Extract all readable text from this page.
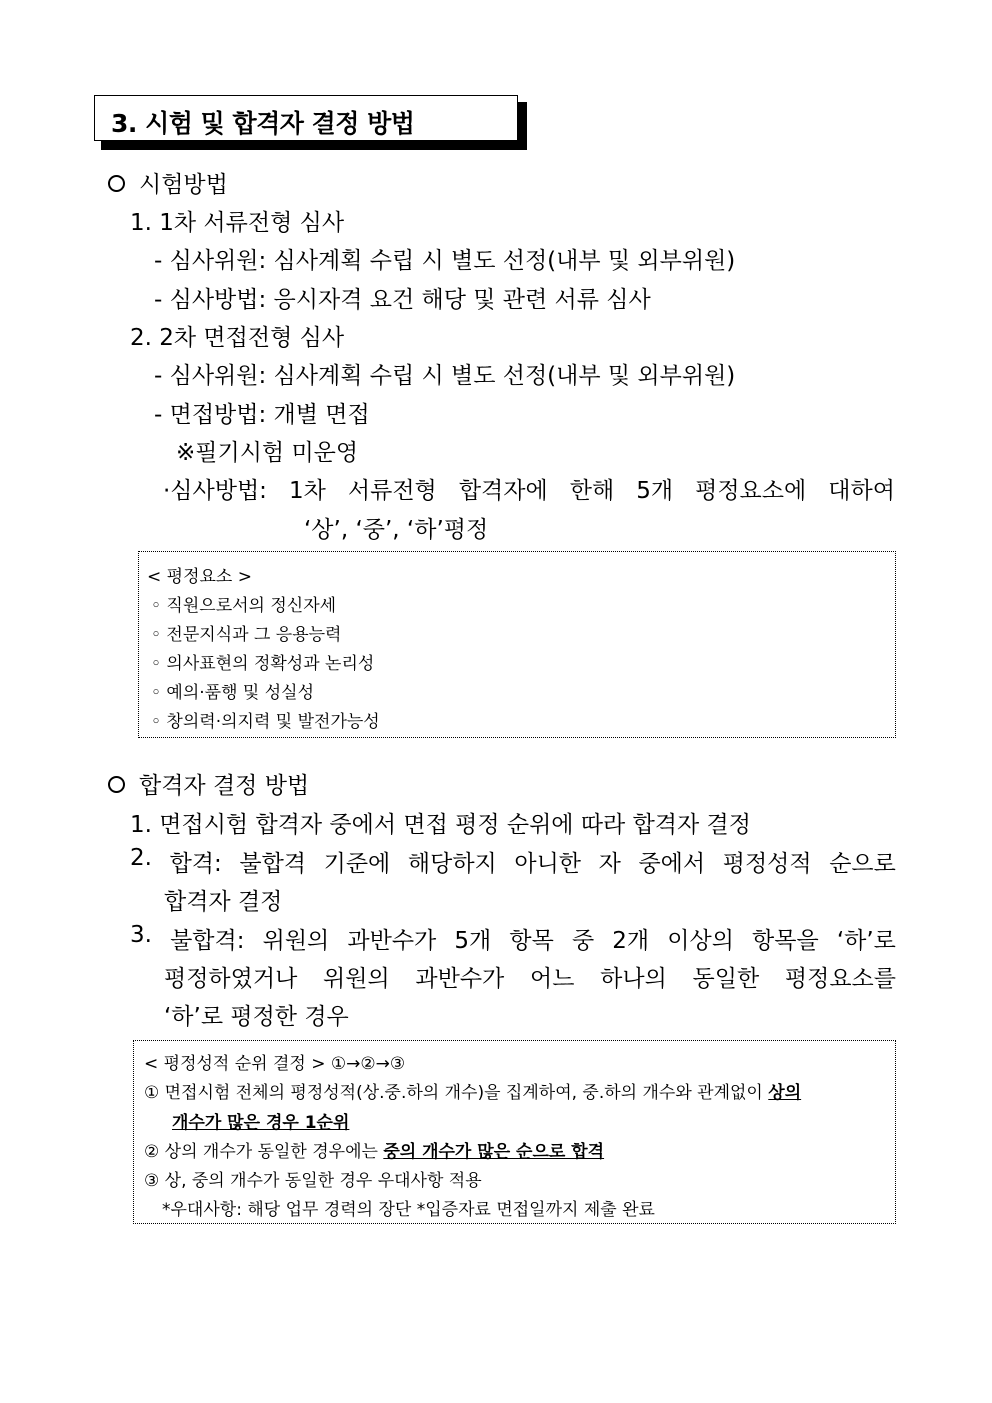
3. 시험 및 합격자 결정 방법
시험방법
1. 1차 서류전형 심사
- 심사위원: 심사계획 수립 시 별도 선정(내부 및 외부위원)
- 심사방법: 응시자격 요건 해당 및 관련 서류 심사
2. 2차 면접전형 심사
- 심사위원: 심사계획 수립 시 별도 선정(내부 및 외부위원)
- 면접방법: 개별 면접
※필기시험 미운영
·심사방법: 1차 서류전형 합격자에 한해 5개 평정요소에 대하여
‘상’, ‘중’, ‘하’평정
< 평정요소 >
◦ 직원으로서의 정신자세
◦ 전문지식과 그 응용능력
◦ 의사표현의 정확성과 논리성
◦ 예의·품행 및 성실성
◦ 창의력·의지력 및 발전가능성
합격자 결정 방법
1. 면접시험 합격자 중에서 면접 평정 순위에 따라 합격자 결정
2. 합격: 불합격 기준에 해당하지 아니한 자 중에서 평정성적 순으로
합격자 결정
3. 불합격: 위원의 과반수가 5개 항목 중 2개 이상의 항목을 ‘하’로
평정하였거나 위원의 과반수가 어느 하나의 동일한 평정요소를
‘하’로 평정한 경우
< 평정성적 순위 결정 > ①→②→③
① 면접시험 전체의 평정성적(상.중.하의 개수)을 집계하여, 중.하의 개수와 관계없이 상의
개수가 많은 경우 1순위
② 상의 개수가 동일한 경우에는 중의 개수가 많은 순으로 합격
③ 상, 중의 개수가 동일한 경우 우대사항 적용
*우대사항: 해당 업무 경력의 장단 *입증자료 면접일까지 제출 완료
